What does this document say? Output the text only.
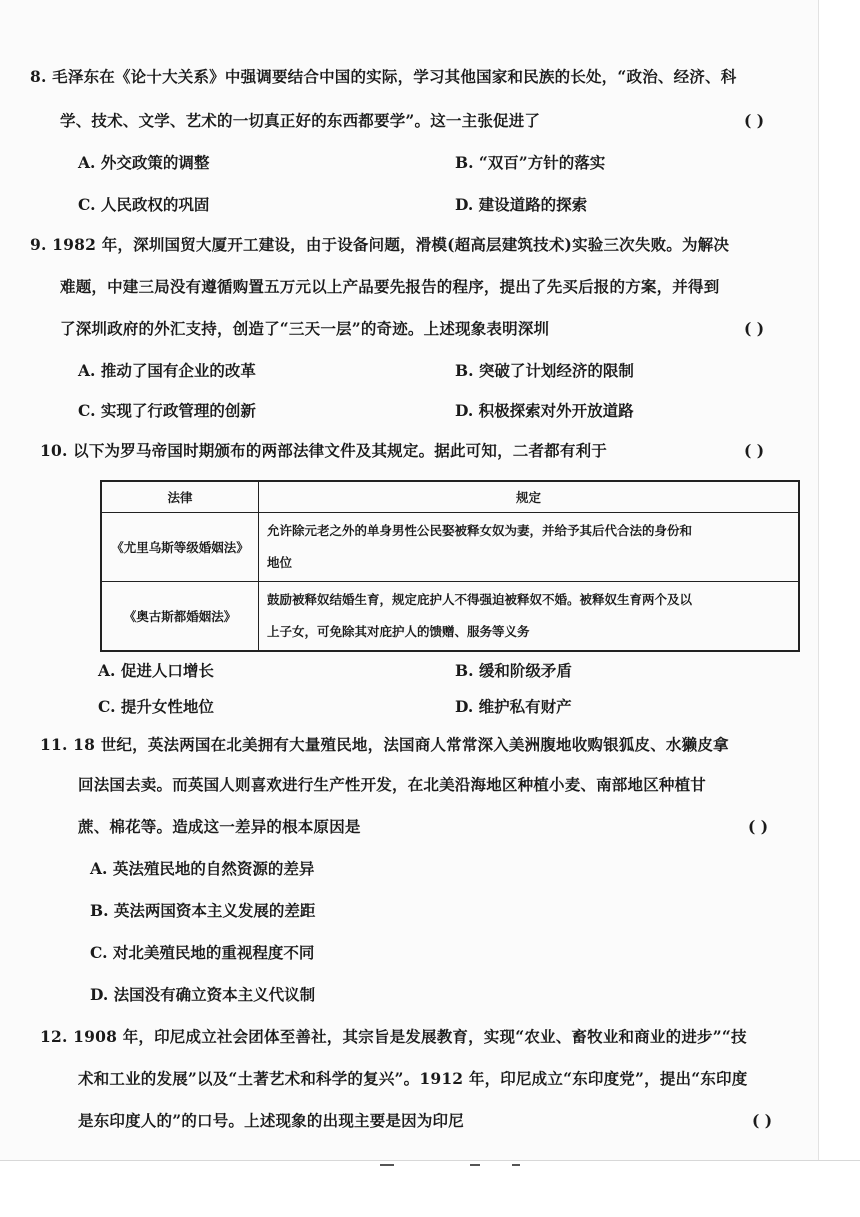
8. 毛泽东在《论十大关系》中强调要结合中国的实际，学习其他国家和民族的长处，“政治、经济、科
学、技术、文学、艺术的一切真正好的东西都要学”。这一主张促进了	( )
A. 外交政策的调整	B. “双百”方针的落实
C. 人民政权的巩固	D. 建设道路的探索
9. 1982 年，深圳国贸大厦开工建设，由于设备问题，滑模(超高层建筑技术)实验三次失败。为解决
难题，中建三局没有遵循购置五万元以上产品要先报告的程序，提出了先买后报的方案，并得到
了深圳政府的外汇支持，创造了“三天一层”的奇迹。上述现象表明深圳	( )
A. 推动了国有企业的改革	B. 突破了计划经济的限制
C. 实现了行政管理的创新	D. 积极探索对外开放道路
10. 以下为罗马帝国时期颁布的两部法律文件及其规定。据此可知，二者都有利于	( )
法律	规定
《尤里乌斯等级婚姻法》	允许除元老之外的单身男性公民娶被释女奴为妻，并给予其后代合法的身份和
地位

《奥古斯都婚姻法》	鼓励被释奴结婚生育，规定庇护人不得强迫被释奴不婚。被释奴生育两个及以
上子女，可免除其对庇护人的馈赠、服务等义务
A. 促进人口增长	B. 缓和阶级矛盾
C. 提升女性地位	D. 维护私有财产
11. 18 世纪，英法两国在北美拥有大量殖民地，法国商人常常深入美洲腹地收购银狐皮、水獭皮拿
回法国去卖。而英国人则喜欢进行生产性开发，在北美沿海地区种植小麦、南部地区种植甘
蔗、棉花等。造成这一差异的根本原因是	( )
A. 英法殖民地的自然资源的差异
B. 英法两国资本主义发展的差距
C. 对北美殖民地的重视程度不同
D. 法国没有确立资本主义代议制
12. 1908 年，印尼成立社会团体至善社，其宗旨是发展教育，实现“农业、畜牧业和商业的进步”“技
术和工业的发展”以及“土著艺术和科学的复兴”。1912 年，印尼成立“东印度党”，提出“东印度
是东印度人的”的口号。上述现象的出现主要是因为印尼	( )
